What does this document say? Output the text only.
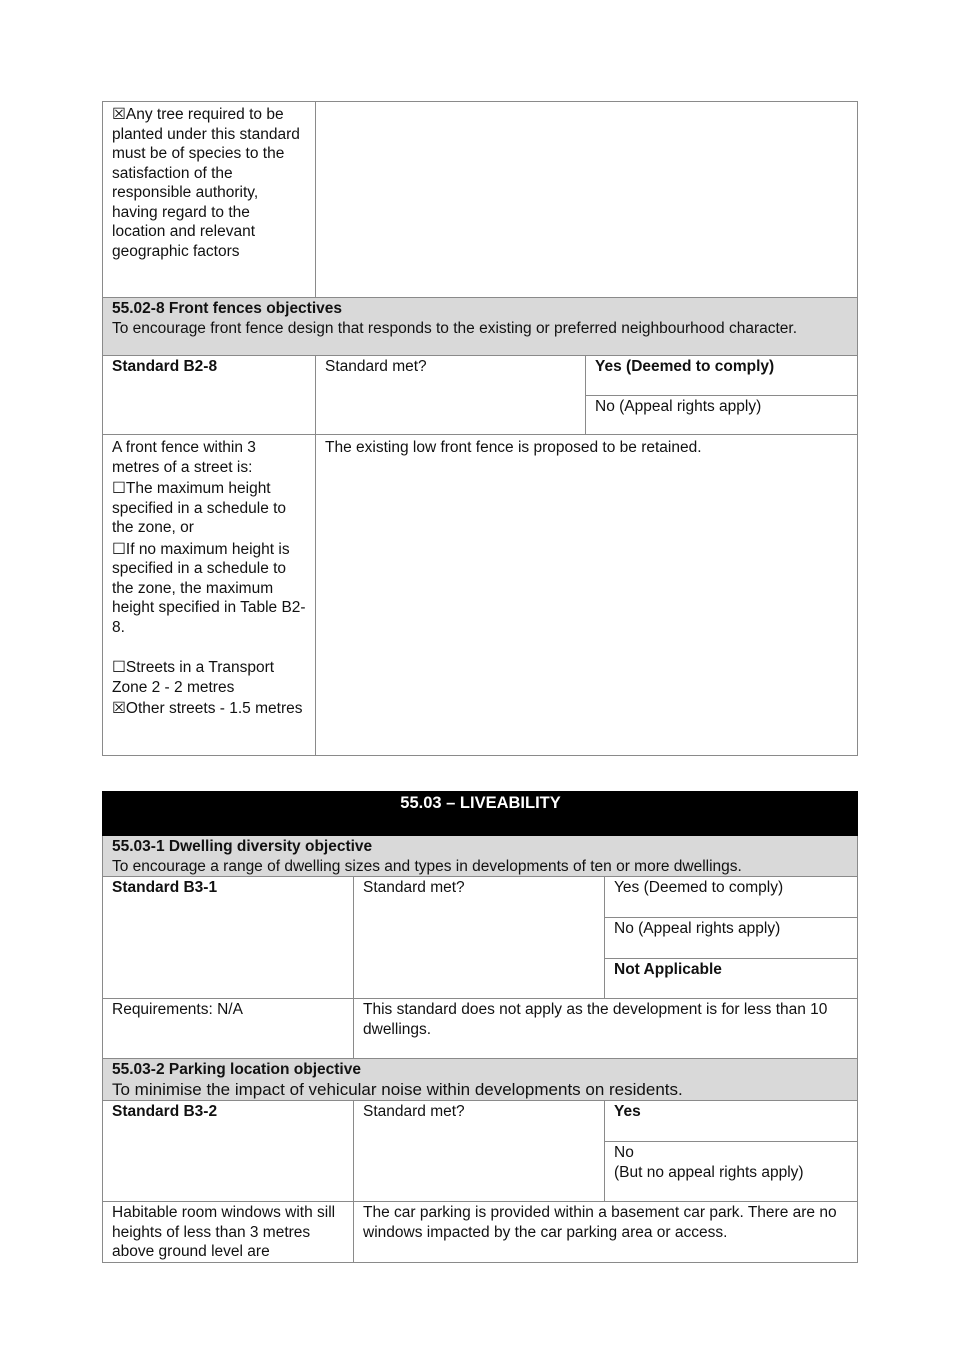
☒Any tree required to be planted under this standard must be of species to the satisfaction of the responsible authority, having regard to the location and relevant geographic factors		

55.02-8 Front fences objectives

To encourage front fence design that responds to the existing or preferred neighbourhood character.		

Standard B2-8	Standard met?	Yes (Deemed to comply)
		No (Appeal rights apply)

A front fence within 3 metres of a street is:

☐The maximum height specified in a schedule to the zone, or

☐If no maximum height is specified in a schedule to the zone, the maximum height specified in Table B2-8.

☐Streets in a Transport Zone 2 - 2 metres

☒Other streets - 1.5 metres	The existing low front fence is proposed to be retained.	
55.03 – LIVEABILITY		

55.03-1 Dwelling diversity objective

To encourage a range of dwelling sizes and types in developments of ten or more dwellings.		

Standard B3-1	Standard met?	Yes (Deemed to comply)
		No (Appeal rights apply)
		Not Applicable
Requirements: N/A	This standard does not apply as the development is for less than 10 dwellings.	

55.03-2 Parking location objective

To minimise the impact of vehicular noise within developments on residents.		

Standard B3-2	Standard met?	Yes

		No

(But no appeal rights apply)

Habitable room windows with sill heights of less than 3 metres above ground level are	The car parking is provided within a basement car park. There are no windows impacted by the car parking area or access.	
